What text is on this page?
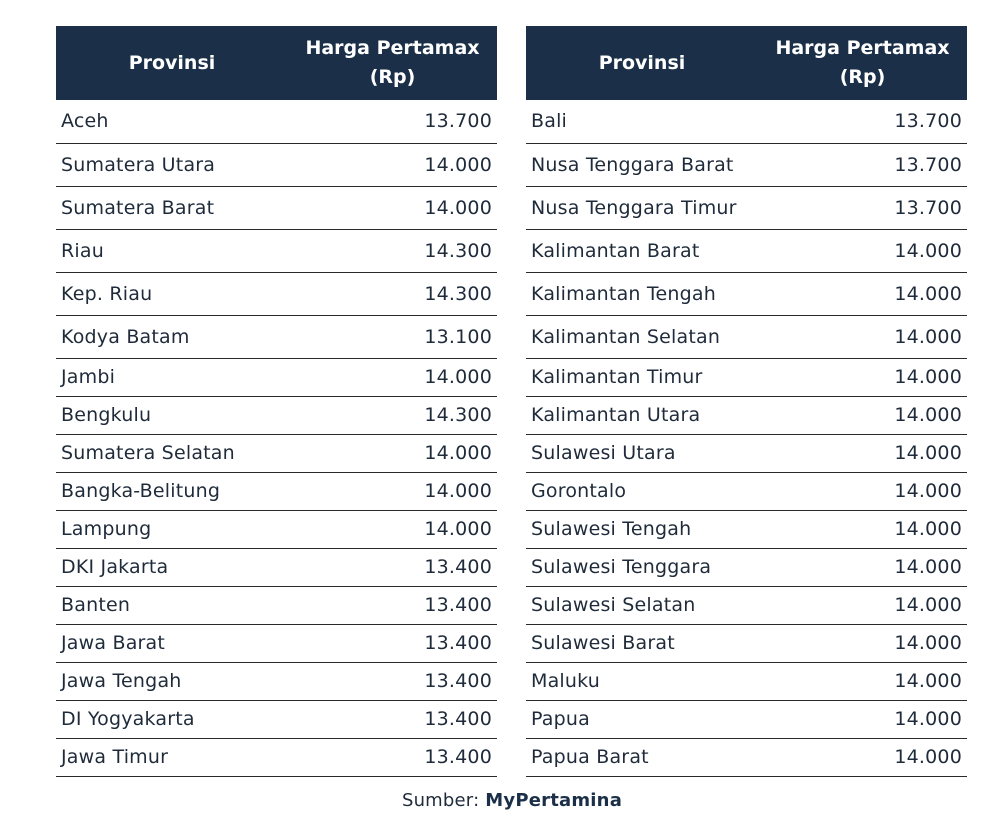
Provinsi	Harga Pertamax
(Rp)
Aceh	13.700
Sumatera Utara	14.000
Sumatera Barat	14.000
Riau	14.300
Kep. Riau	14.300
Kodya Batam	13.100
Jambi	14.000
Bengkulu	14.300
Sumatera Selatan	14.000
Bangka-Belitung	14.000
Lampung	14.000
DKI Jakarta	13.400
Banten	13.400
Jawa Barat	13.400
Jawa Tengah	13.400
DI Yogyakarta	13.400
Jawa Timur	13.400
Provinsi	Harga Pertamax
(Rp)
Bali	13.700
Nusa Tenggara Barat	13.700
Nusa Tenggara Timur	13.700
Kalimantan Barat	14.000
Kalimantan Tengah	14.000
Kalimantan Selatan	14.000
Kalimantan Timur	14.000
Kalimantan Utara	14.000
Sulawesi Utara	14.000
Gorontalo	14.000
Sulawesi Tengah	14.000
Sulawesi Tenggara	14.000
Sulawesi Selatan	14.000
Sulawesi Barat	14.000
Maluku	14.000
Papua	14.000
Papua Barat	14.000
Sumber: MyPertamina
